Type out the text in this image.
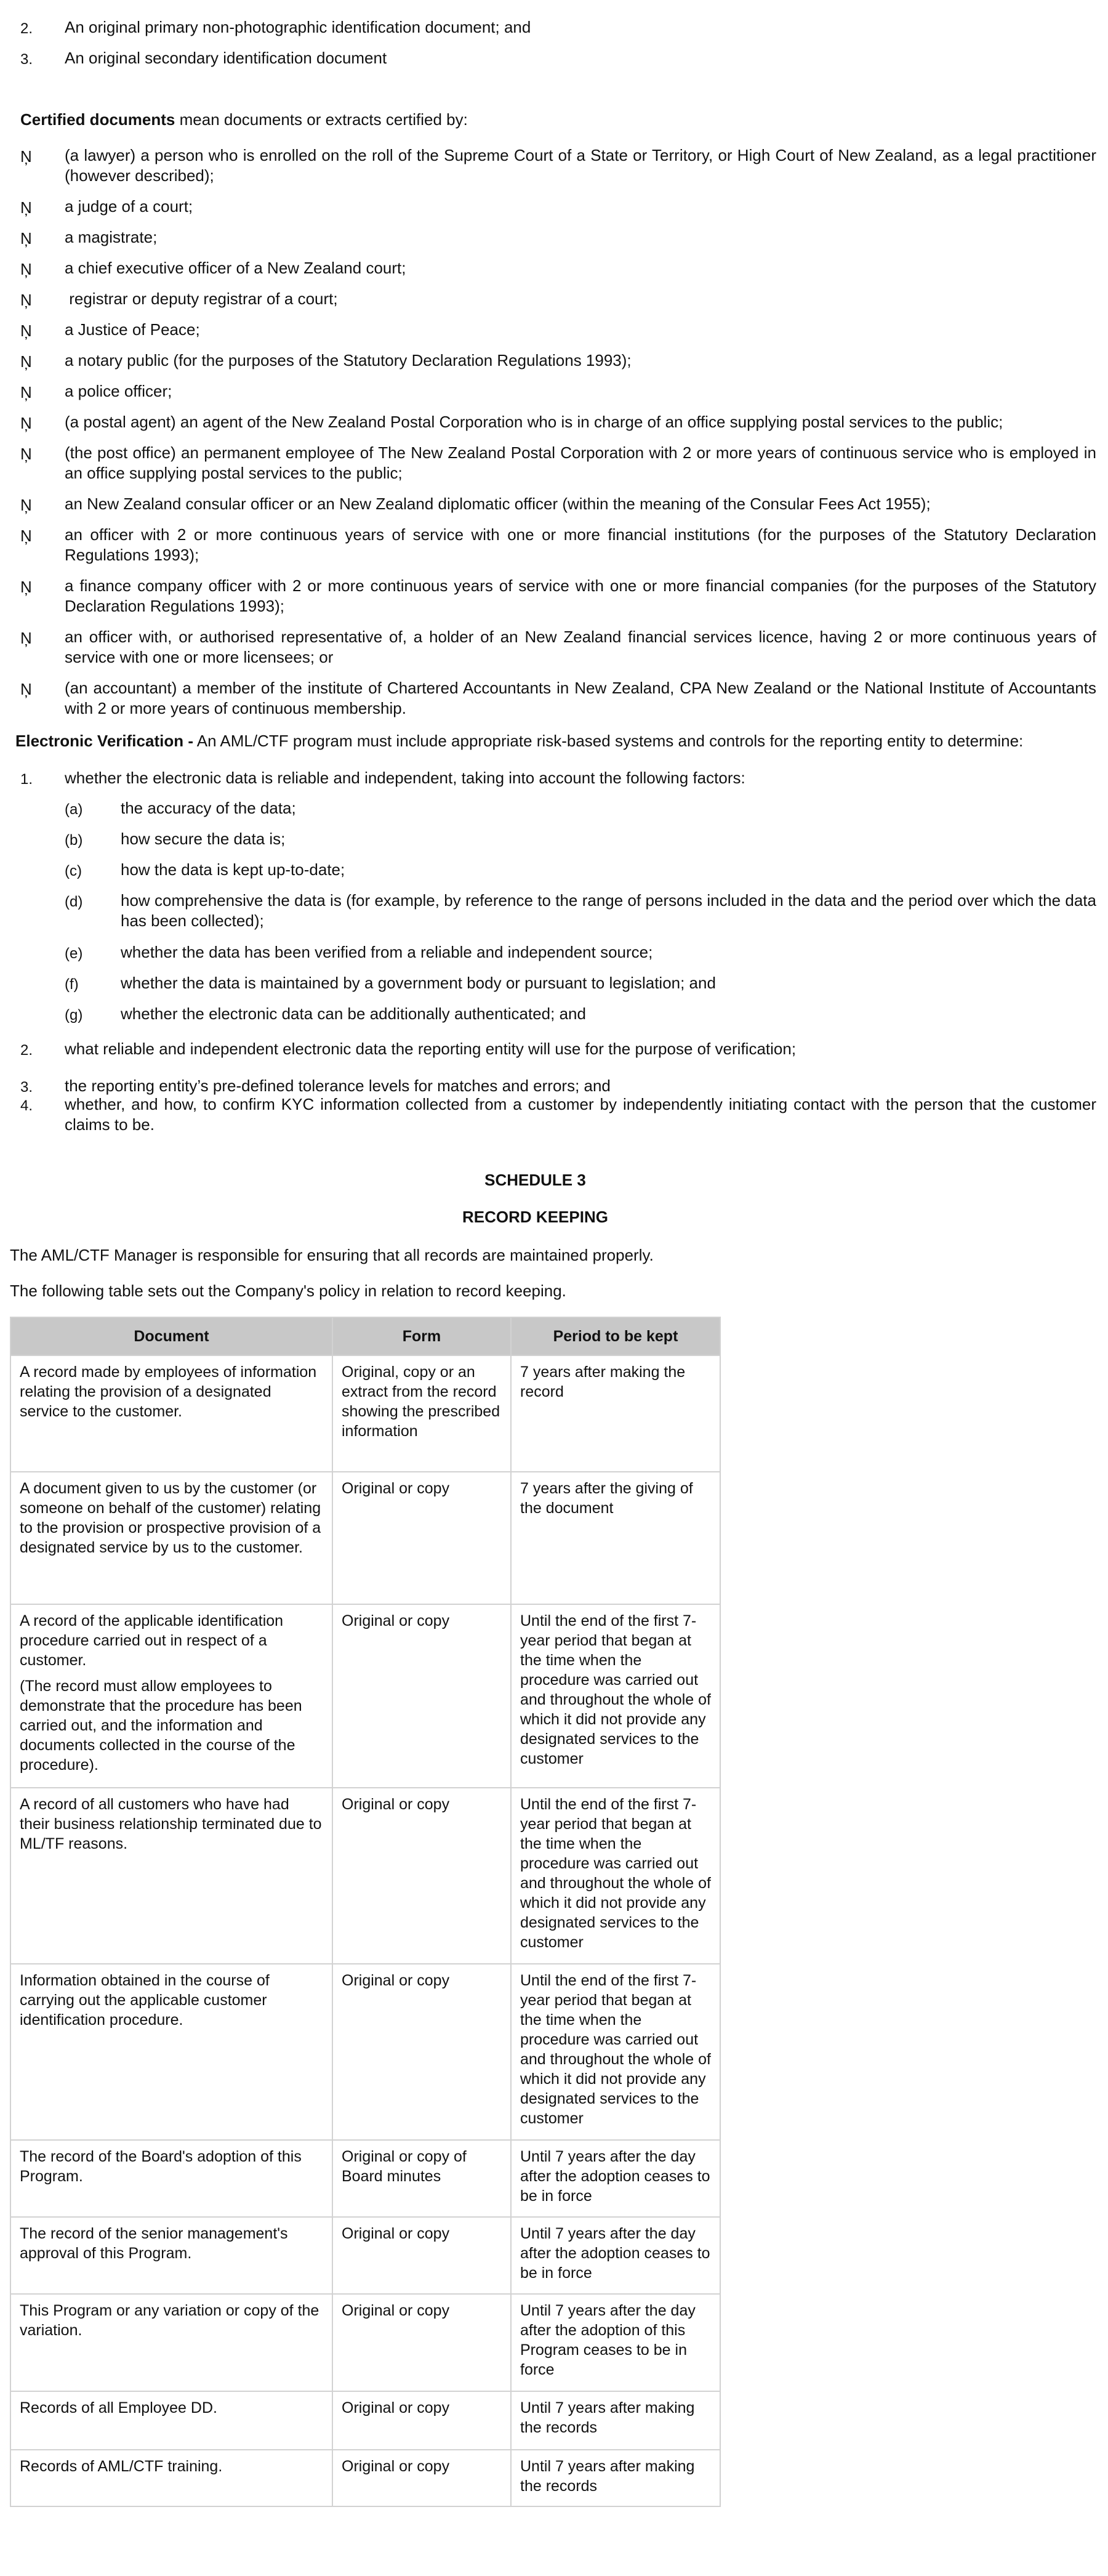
2. An original primary non-photographic identification document; and
3. An original secondary identification document
Certified documents mean documents or extracts certified by:
Ņ (a lawyer) a person who is enrolled on the roll of the Supreme Court of a State or Territory, or High Court of New Zealand, as a legal practitioner (however described);
Ņ a judge of a court;
Ņ a magistrate;
Ņ a chief executive officer of a New Zealand court;
Ņ registrar or deputy registrar of a court;
Ņ a Justice of Peace;
Ņ a notary public (for the purposes of the Statutory Declaration Regulations 1993);
Ņ a police officer;
Ņ (a postal agent) an agent of the New Zealand Postal Corporation who is in charge of an office supplying postal services to the public;
Ņ (the post office) an permanent employee of The New Zealand Postal Corporation with 2 or more years of continuous service who is employed in an office supplying postal services to the public;
Ņ an New Zealand consular officer or an New Zealand diplomatic officer (within the meaning of the Consular Fees Act 1955);
Ņ an officer with 2 or more continuous years of service with one or more financial institutions (for the purposes of the Statutory Declaration Regulations 1993);
Ņ a finance company officer with 2 or more continuous years of service with one or more financial companies (for the purposes of the Statutory Declaration Regulations 1993);
Ņ an officer with, or authorised representative of, a holder of an New Zealand financial services licence, having 2 or more continuous years of service with one or more licensees; or
Ņ (an accountant) a member of the institute of Chartered Accountants in New Zealand, CPA New Zealand or the National Institute of Accountants with 2 or more years of continuous membership.
Electronic Verification - An AML/CTF program must include appropriate risk-based systems and controls for the reporting entity to determine:
1. whether the electronic data is reliable and independent, taking into account the following factors:
(a) the accuracy of the data;
(b) how secure the data is;
(c) how the data is kept up-to-date;
(d) how comprehensive the data is (for example, by reference to the range of persons included in the data and the period over which the data has been collected);
(e) whether the data has been verified from a reliable and independent source;
(f)	whether the data is maintained by a government body or pursuant to legislation; and
(g) whether the electronic data can be additionally authenticated; and
2. what reliable and independent electronic data the reporting entity will use for the purpose of verification;
3. the reporting entity’s pre-defined tolerance levels for matches and errors; and
4. whether, and how, to confirm KYC information collected from a customer by independently initiating contact with the person that the customer claims to be.
SCHEDULE 3
RECORD KEEPING
The AML/CTF Manager is responsible for ensuring that all records are maintained properly.
The following table sets out the Company's policy in relation to record keeping.
Document	Form	Period to be kept

A record made by employees of information relating the provision of a designated service to the customer.	Original, copy or an extract from the record showing the prescribed information	7 years after making the record

A document given to us by the customer (or someone on behalf of the customer) relating to the provision or prospective provision of a designated service by us to the customer.	Original or copy	7 years after the giving of the document

A record of the applicable identification procedure carried out in respect of a customer.

(The record must allow employees to demonstrate that the procedure has been carried out, and the information and documents collected in the course of the procedure).	Original or copy	Until the end of the first 7-year period that began at the time when the procedure was carried out and throughout the whole of which it did not provide any designated services to the customer

A record of all customers who have had their business relationship terminated due to ML/TF reasons.	Original or copy	Until the end of the first 7-year period that began at the time when the procedure was carried out and throughout the whole of which it did not provide any designated services to the customer

Information obtained in the course of carrying out the applicable customer identification procedure.	Original or copy	Until the end of the first 7-year period that began at the time when the procedure was carried out and throughout the whole of which it did not provide any designated services to the customer

The record of the Board's adoption of this Program.	Original or copy of Board minutes	Until 7 years after the day after the adoption ceases to be in force

The record of the senior management's approval of this Program.	Original or copy	Until 7 years after the day after the adoption ceases to be in force

This Program or any variation or copy of the variation.	Original or copy	Until 7 years after the day after the adoption of this Program ceases to be in force

Records of all Employee DD.	Original or copy	Until 7 years after making the records

Records of AML/CTF training.	Original or copy	Until 7 years after making the records
